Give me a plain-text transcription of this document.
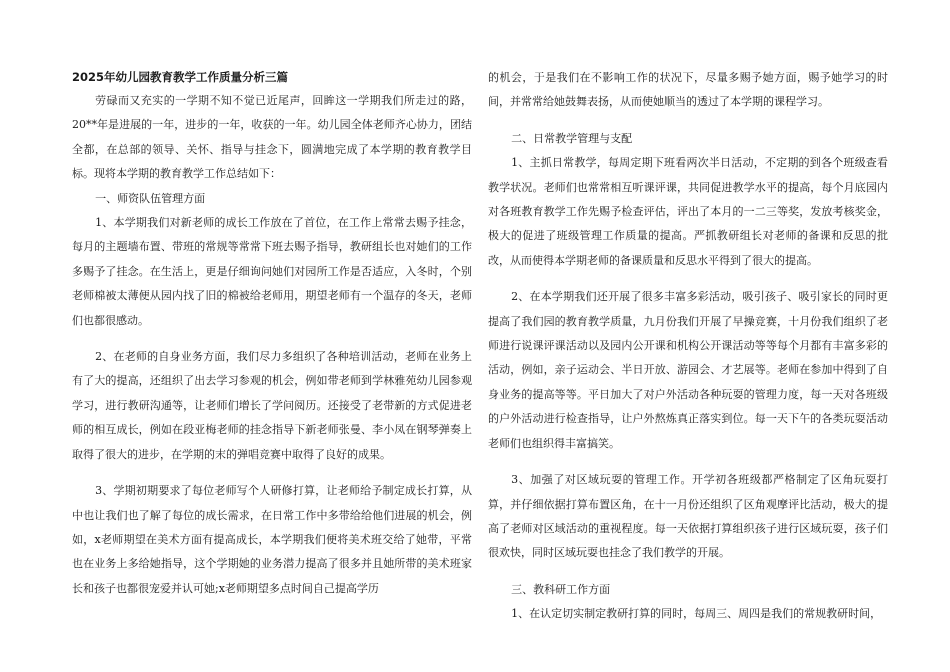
2025年幼儿园教育教学工作质量分析三篇

劳碌而又充实的一学期不知不觉已近尾声，回眸这一学期我们所走过的路，20**年是进展的一年，进步的一年，收获的一年。幼儿园全体老师齐心协力，团结全都，在总部的领导、关怀、指导与挂念下，圆满地完成了本学期的教育教学目标。现将本学期的教育教学工作总结如下：

一、师资队伍管理方面

1、本学期我们对新老师的成长工作放在了首位，在工作上常常去赐予挂念，每月的主题墙布置、带班的常规等常常下班去赐予指导，教研组长也对她们的工作多赐予了挂念。在生活上，更是仔细询问她们对园所工作是否适应，入冬时，个别老师棉被太薄便从园内找了旧的棉被给老师用，期望老师有一个温存的冬天，老师们也都很感动。

2、在老师的自身业务方面，我们尽力多组织了各种培训活动，老师在业务上有了大的提高，还组织了出去学习参观的机会，例如带老师到学林雅苑幼儿园参观学习，进行教研沟通等，让老师们增长了学问阅历。还接受了老带新的方式促进老师的相互成长，例如在段亚梅老师的挂念指导下新老师张曼、李小凤在钢琴弹奏上取得了很大的进步，在学期的末的弹唱竞赛中取得了良好的成果。

3、学期初期要求了每位老师写个人研修打算，让老师给予制定成长打算，从中也让我们也了解了每位的成长需求，在日常工作中多带给给他们进展的机会，例如，x老师期望在美术方面有提高成长，本学期我们便将美术班交给了她带，平常也在业务上多给她指导，这个学期她的业务潜力提高了很多并且她所带的美术班家长和孩子也都很宠爱并认可她;x老师期望多点时间自己提高学历

的机会，于是我们在不影响工作的状况下，尽量多赐予她方面，赐予她学习的时间，并常常给她鼓舞表扬，从而使她顺当的透过了本学期的课程学习。

二、日常教学管理与支配

1、主抓日常教学，每周定期下班看两次半日活动，不定期的到各个班级查看教学状况。老师们也常常相互听课评课，共同促进教学水平的提高，每个月底园内对各班教育教学工作先赐予检查评估，评出了本月的一二三等奖，发放考核奖金，极大的促进了班级管理工作质量的提高。严抓教研组长对老师的备课和反思的批改，从而使得本学期老师的备课质量和反思水平得到了很大的提高。

2、在本学期我们还开展了很多丰富多彩活动，吸引孩子、吸引家长的同时更提高了我们园的教育教学质量，九月份我们开展了早操竞赛，十月份我们组织了老师进行说课评课活动以及园内公开课和机构公开课活动等等每个月都有丰富多彩的活动，例如，亲子运动会、半日开放、游园会、才艺展等。老师在参加中得到了自身业务的提高等等。平日加大了对户外活动各种玩耍的管理力度，每一天对各班级的户外活动进行检查指导，让户外熬炼真正落实到位。每一天下午的各类玩耍活动老师们也组织得丰富搞笑。

3、加强了对区域玩耍的管理工作。开学初各班级都严格制定了区角玩耍打算，并仔细依据打算布置区角，在十一月份还组织了区角观摩评比活动，极大的提高了老师对区域活动的重视程度。每一天依据打算组织孩子进行区域玩耍，孩子们很欢快，同时区域玩耍也挂念了我们教学的开展。

三、教科研工作方面

1、在认定切实制定教研打算的同时，每周三、周四是我们的常规教研时间，
